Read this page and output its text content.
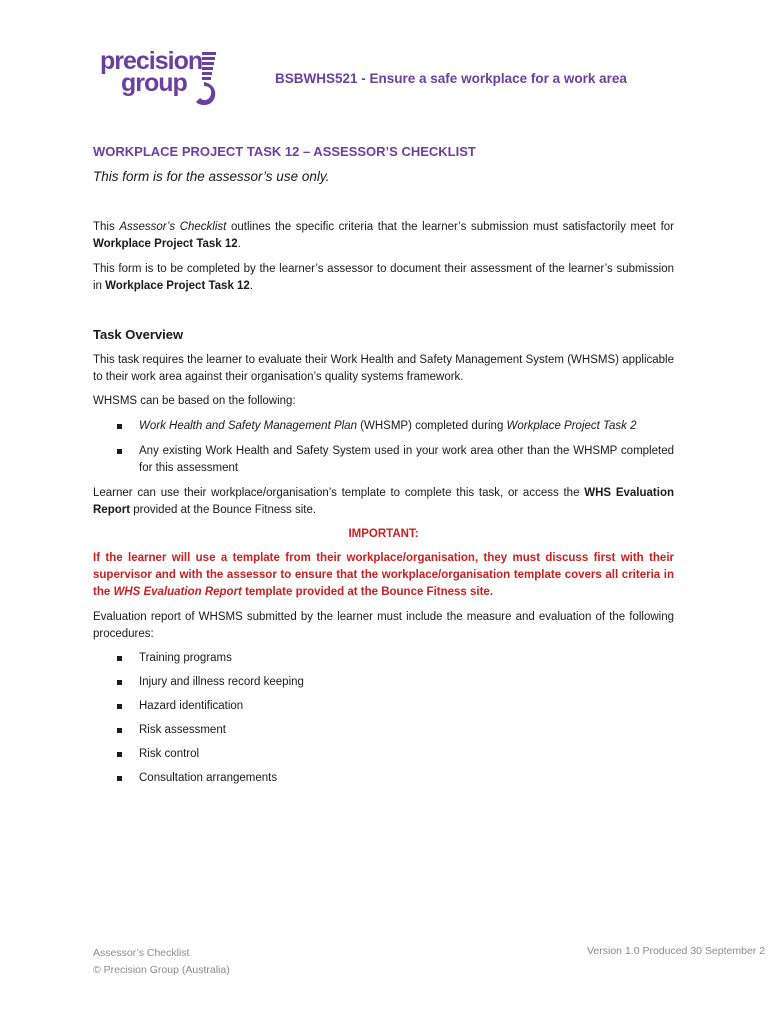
precision
group	BSBWHS521 - Ensure a safe workplace for a work area
WORKPLACE PROJECT TASK 12 – ASSESSOR’S CHECKLIST
This form is for the assessor’s use only.

This Assessor’s Checklist outlines the specific criteria that the learner’s submission must satisfactorily meet for Workplace Project Task 12.

This form is to be completed by the learner’s assessor to document their assessment of the learner’s submission in Workplace Project Task 12.

Task Overview

This task requires the learner to evaluate their Work Health and Safety Management System (WHSMS) applicable to their work area against their organisation’s quality systems framework.

WHSMS can be based on the following:

Work Health and Safety Management Plan (WHSMP) completed during Workplace Project Task 2
Any existing Work Health and Safety System used in your work area other than the WHSMP completed for this assessment

Learner can use their workplace/organisation’s template to complete this task, or access the WHS Evaluation Report provided at the Bounce Fitness site.

IMPORTANT:
If the learner will use a template from their workplace/organisation, they must discuss first with their supervisor and with the assessor to ensure that the workplace/organisation template covers all criteria in the WHS Evaluation Report template provided at the Bounce Fitness site.

Evaluation report of WHSMS submitted by the learner must include the measure and evaluation of the following procedures:

Training programs
Injury and illness record keeping
Hazard identification
Risk assessment
Risk control
Consultation arrangements
Assessor’s Checklist
© Precision Group (Australia)
Version 1.0 Produced 30 September 2
